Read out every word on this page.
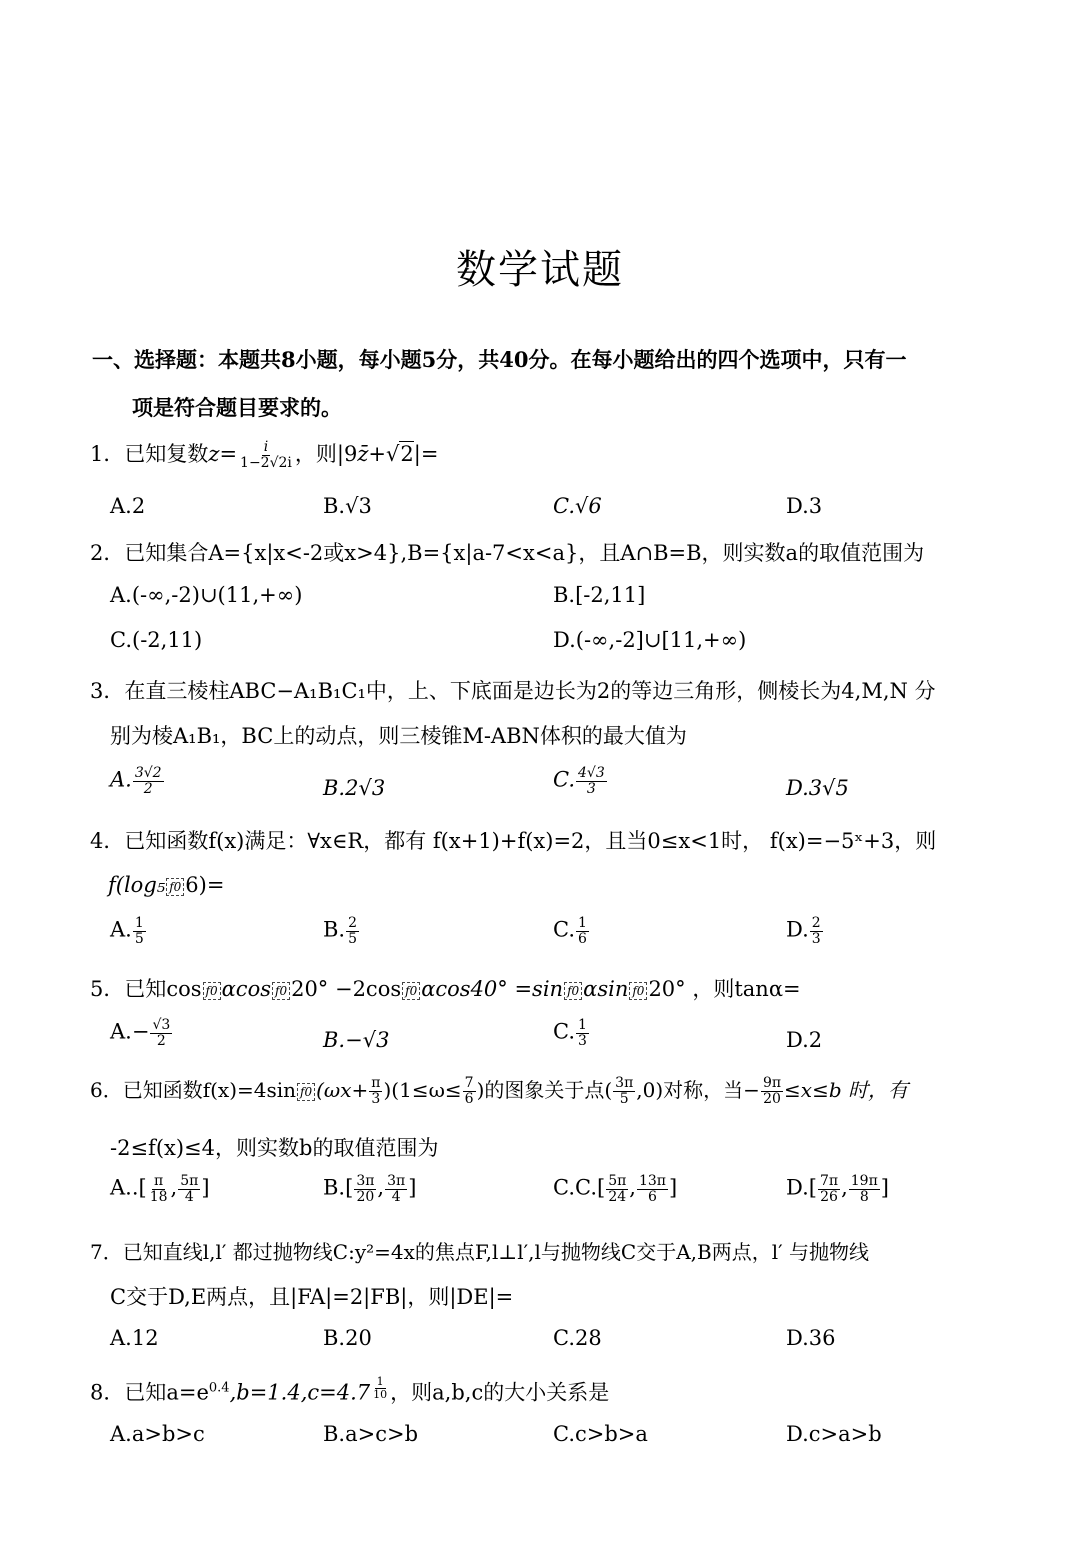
数学试题
一、选择题：本题共8小题，每小题5分，共40分。在每小题给出的四个选项中，只有一
项是符合题目要求的。
1．已知复数$z= \frac{i}{1-2√2i}$ ，则|9z̄+√2|=
A.2	B.√3	C.√6	D.3
2．已知集合A={x|x<-2或x>4},B={x|a-7<x<a}，且A∩B=B，则实数a的取值范围为
A.(-∞,-2)∪(11,+∞)	B.[-2,11]
C.(-2,11)	D.(-∞,-2]∪[11,+∞)
3．在直三棱柱ABC−A₁B₁C₁中，上、下底面是边长为2的等边三角形，侧棱长为4,M,N 分
别为棱A₁B₁，BC上的动点，则三棱锥M-ABN体积的最大值为
A. $\frac{3√2}{2}$	B.2√3	C. $\frac{4√3}{3}$	D.3√5
4．已知函数f(x)满足：∀x∈R，都有 f(x+1)+f(x)=2，且当0≤x<1时， f(x)=−5ˣ+3，则
f(log₅ f0 6)=
A. $\frac{1}{5}$	B. $\frac{2}{5}$	C. $\frac{1}{6}$	D. $\frac{2}{3}$
5．已知cos f0 αcos f0 20° −2cos f0 αcos40° =sin f0 αsin f0 20° ，则tanα=
$A.- \frac{√3}{2}$	B.−√3	C. $\frac{1}{3}$	D.2
6．已知函数f(x)=4sin f0 $(\omega x+ \frac{\pi}{3} )(1\le\omega\le \frac{7}{6}$ )的图象关于点( $\frac{3\pi}{5} ,0$)对称，当− $\frac{9\pi}{20} \le x\le b$ 时，有
-2≤f(x)≤4，则实数b的取值范围为
$A..[ \frac{\pi}{18}$ , $\frac{5\pi}{4}$ ]	$B.[ \frac{3\pi}{20}$ , $\frac{3\pi}{4}$ ]	$C.C.[ \frac{5\pi}{24}$ , $\frac{13\pi}{6}$ ]	$D.[ \frac{7\pi}{26}$ , $\frac{19\pi}{8}$ ]
7．已知直线l,l′ 都过抛物线C:y²=4x的焦点F,l⊥l′,l与抛物线C交于A,B两点，l′ 与抛物线
C交于D,E两点，且|FA|=2|FB|，则|DE|=
A.12	B.20	C.28	D.36
8．已知$a=e^{0.4},b=1.4,c=4.7$ $^{\frac{1}{10}}$ ，则a,b,c的大小关系是
A.a>b>c	B.a>c>b	C.c>b>a	D.c>a>b
